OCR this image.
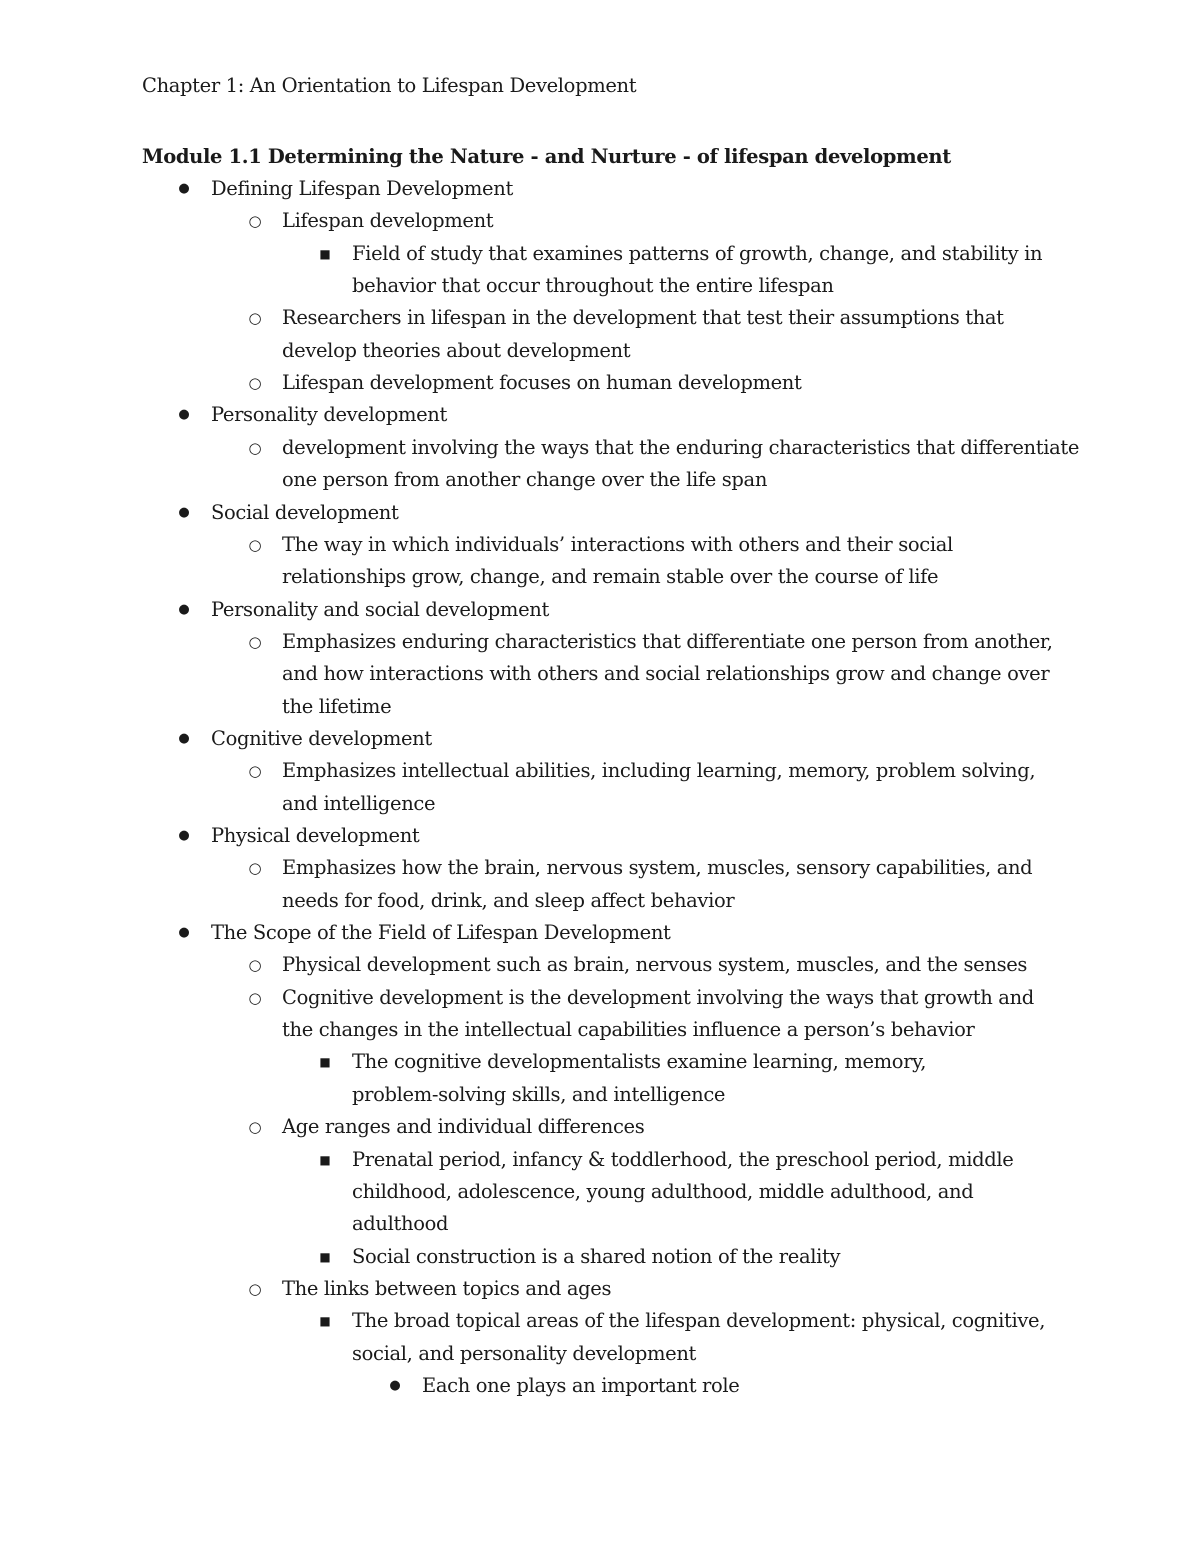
Chapter 1: An Orientation to Lifespan Development
Module 1.1 Determining the Nature - and Nurture - of lifespan development
● Defining Lifespan Development
○ Lifespan development
■ Field of study that examines patterns of growth, change, and stability in
behavior that occur throughout the entire lifespan
○ Researchers in lifespan in the development that test their assumptions that
develop theories about development
○ Lifespan development focuses on human development
● Personality development
○ development involving the ways that the enduring characteristics that differentiate
one person from another change over the life span
● Social development
○ The way in which individuals’ interactions with others and their social
relationships grow, change, and remain stable over the course of life
● Personality and social development
○ Emphasizes enduring characteristics that differentiate one person from another,
and how interactions with others and social relationships grow and change over
the lifetime
● Cognitive development
○ Emphasizes intellectual abilities, including learning, memory, problem solving,
and intelligence
● Physical development
○ Emphasizes how the brain, nervous system, muscles, sensory capabilities, and
needs for food, drink, and sleep affect behavior
● The Scope of the Field of Lifespan Development
○ Physical development such as brain, nervous system, muscles, and the senses
○ Cognitive development is the development involving the ways that growth and
the changes in the intellectual capabilities influence a person’s behavior
■ The cognitive developmentalists examine learning, memory,
problem-solving skills, and intelligence
○ Age ranges and individual differences
■ Prenatal period, infancy & toddlerhood, the preschool period, middle
childhood, adolescence, young adulthood, middle adulthood, and
adulthood
■ Social construction is a shared notion of the reality
○ The links between topics and ages
■ The broad topical areas of the lifespan development: physical, cognitive,
social, and personality development
● Each one plays an important role
